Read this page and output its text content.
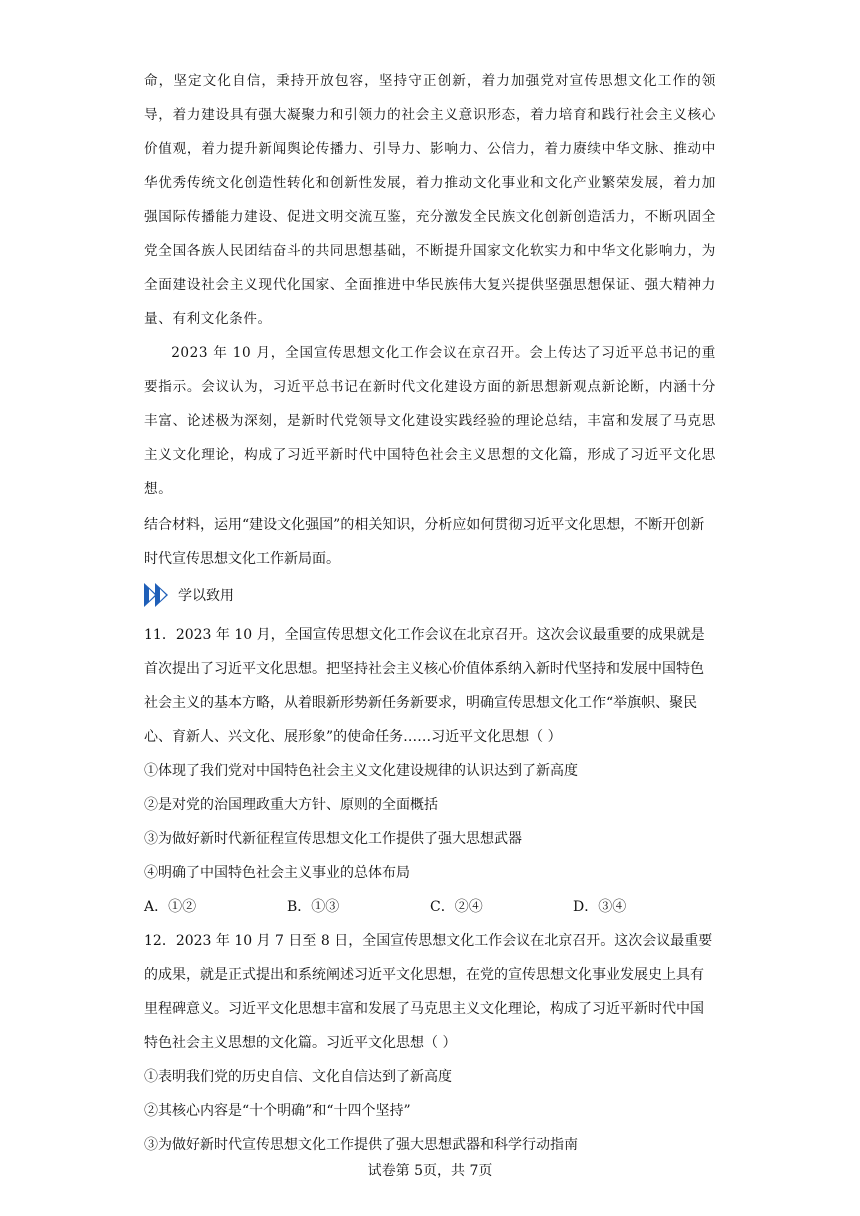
命，坚定文化自信，秉持开放包容，坚持守正创新，着力加强党对宣传思想文化工作的领导，着力建设具有强大凝聚力和引领力的社会主义意识形态，着力培育和践行社会主义核心价值观，着力提升新闻舆论传播力、引导力、影响力、公信力，着力赓续中华文脉、推动中华优秀传统文化创造性转化和创新性发展，着力推动文化事业和文化产业繁荣发展，着力加强国际传播能力建设、促进文明交流互鉴，充分激发全民族文化创新创造活力，不断巩固全党全国各族人民团结奋斗的共同思想基础，不断提升国家文化软实力和中华文化影响力，为全面建设社会主义现代化国家、全面推进中华民族伟大复兴提供坚强思想保证、强大精神力量、有利文化条件。

2023 年 10 月，全国宣传思想文化工作会议在京召开。会上传达了习近平总书记的重要指示。会议认为，习近平总书记在新时代文化建设方面的新思想新观点新论断，内涵十分丰富、论述极为深刻，是新时代党领导文化建设实践经验的理论总结，丰富和发展了马克思主义文化理论，构成了习近平新时代中国特色社会主义思想的文化篇，形成了习近平文化思想。

结合材料，运用“建设文化强国”的相关知识，分析应如何贯彻习近平文化思想，不断开创新时代宣传思想文化工作新局面。

学以致用

11．2023 年 10 月，全国宣传思想文化工作会议在北京召开。这次会议最重要的成果就是首次提出了习近平文化思想。把坚持社会主义核心价值体系纳入新时代坚持和发展中国特色社会主义的基本方略，从着眼新形势新任务新要求，明确宣传思想文化工作“举旗帜、聚民心、育新人、兴文化、展形象”的使命任务……习近平文化思想（ ）

①体现了我们党对中国特色社会主义文化建设规律的认识达到了新高度

②是对党的治国理政重大方针、原则的全面概括

③为做好新时代新征程宣传思想文化工作提供了强大思想武器

④明确了中国特色社会主义事业的总体布局

A．①②	B．①③	C．②④	D．③④

12．2023 年 10 月 7 日至 8 日，全国宣传思想文化工作会议在北京召开。这次会议最重要的成果，就是正式提出和系统阐述习近平文化思想，在党的宣传思想文化事业发展史上具有里程碑意义。习近平文化思想丰富和发展了马克思主义文化理论，构成了习近平新时代中国特色社会主义思想的文化篇。习近平文化思想（ ）

①表明我们党的历史自信、文化自信达到了新高度

②其核心内容是“十个明确”和“十四个坚持”

③为做好新时代宣传思想文化工作提供了强大思想武器和科学行动指南

试卷第 5页，共 7页
